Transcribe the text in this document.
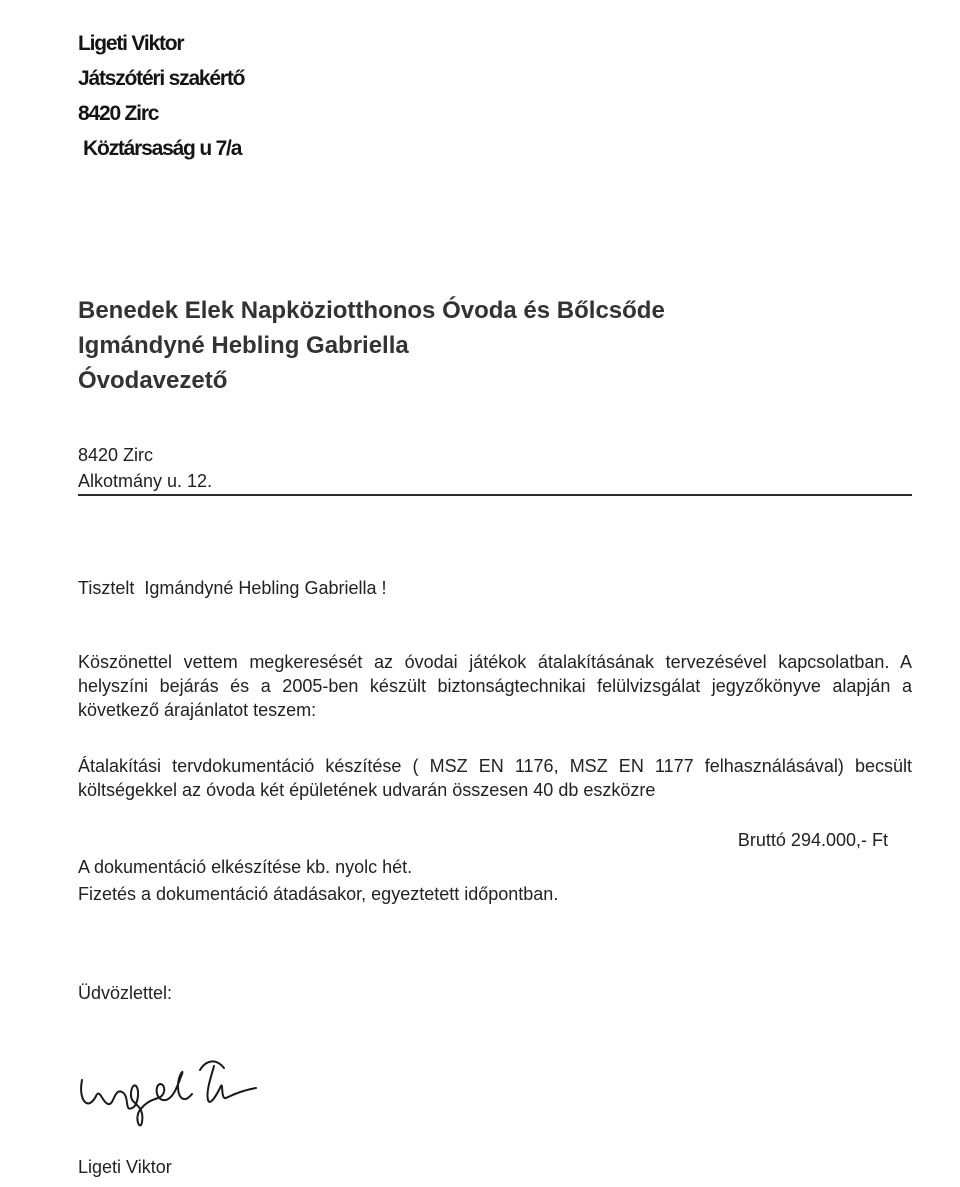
Ligeti Viktor
Játszótéri szakértő
8420 Zirc
Köztársaság u 7/a
Benedek Elek Napköziotthonos Óvoda és Bőlcsőde
Igmándyné Hebling Gabriella
Óvodavezető
8420 Zirc
Alkotmány u. 12.
Tisztelt  Igmándyné Hebling Gabriella !
Köszönettel vettem megkeresését az óvodai játékok átalakításának tervezésével kapcsolatban. A helyszíni bejárás és a 2005-ben készült biztonságtechnikai felülvizsgálat jegyzőkönyve alapján a következő árajánlatot teszem:
Átalakítási tervdokumentáció készítése ( MSZ EN 1176, MSZ EN 1177 felhasználásával) becsült költségekkel az óvoda két épületének udvarán összesen 40 db eszközre
Bruttó 294.000,- Ft
A dokumentáció elkészítése kb. nyolc hét.
Fizetés a dokumentáció átadásakor, egyeztetett időpontban.
Üdvözlettel:
Ligeti Viktor
